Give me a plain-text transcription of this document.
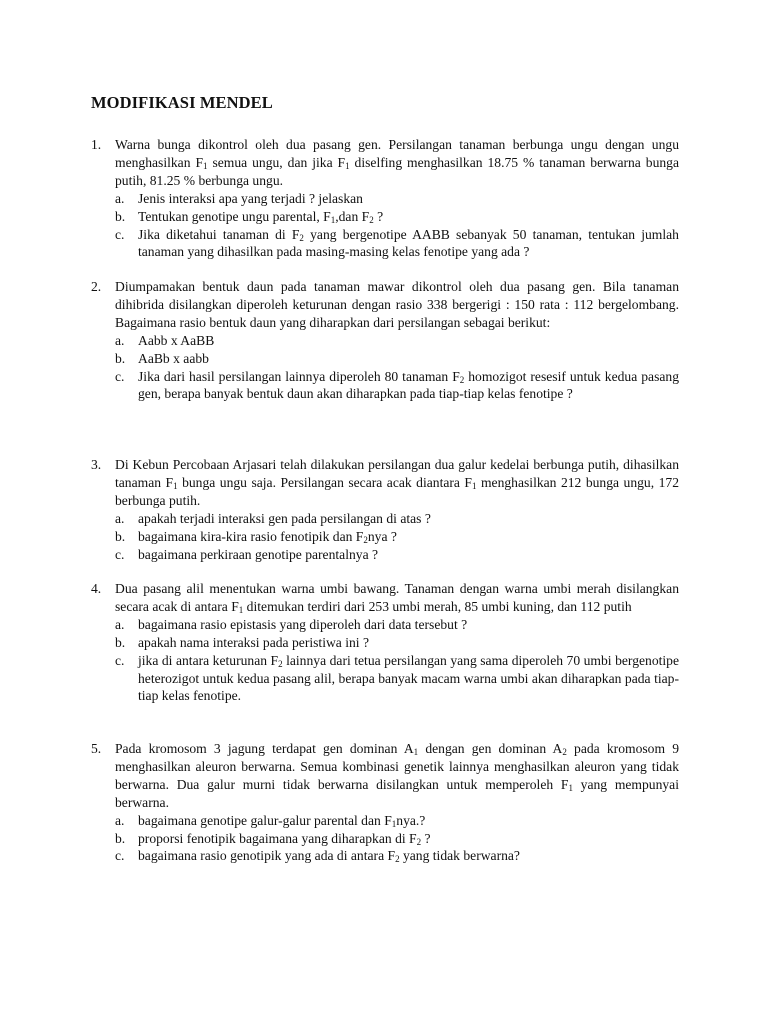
MODIFIKASI MENDEL
1. Warna bunga dikontrol oleh dua pasang gen. Persilangan tanaman berbunga ungu dengan ungu menghasilkan $F_1$ semua ungu, dan jika $F_1$ diselfing menghasilkan 18.75 % tanaman berwarna bunga putih, 81.25 % berbunga ungu.
a. Jenis interaksi apa yang terjadi ? jelaskan
b. Tentukan genotipe ungu parental, $F_1,dan$ $F_2$ ?
c. Jika diketahui tanaman di $F_2$ yang bergenotipe AABB sebanyak 50 tanaman, tentukan jumlah tanaman yang dihasilkan pada masing-masing kelas fenotipe yang ada ?
2. Diumpamakan bentuk daun pada tanaman mawar dikontrol oleh dua pasang gen. Bila tanaman dihibrida disilangkan diperoleh keturunan dengan rasio 338 bergerigi : 150 rata : 112 bergelombang. Bagaimana rasio bentuk daun yang diharapkan dari persilangan sebagai berikut:
a. Aabb x AaBB
b. AaBb x aabb
c. Jika dari hasil persilangan lainnya diperoleh 80 tanaman $F_2$ homozigot resesif untuk kedua pasang gen, berapa banyak bentuk daun akan diharapkan pada tiap-tiap kelas fenotipe ?
3. Di Kebun Percobaan Arjasari telah dilakukan persilangan dua galur kedelai berbunga putih, dihasilkan tanaman $F_1$ bunga ungu saja. Persilangan secara acak diantara $F_1$ menghasilkan 212 bunga ungu, 172 berbunga putih.
a. apakah terjadi interaksi gen pada persilangan di atas ?
b. bagaimana kira-kira rasio fenotipik dan $F_2nya$ ?
c. bagaimana perkiraan genotipe parentalnya ?
4. Dua pasang alil menentukan warna umbi bawang. Tanaman dengan warna umbi merah disilangkan secara acak di antara $F_1$ ditemukan terdiri dari 253 umbi merah, 85 umbi kuning, dan 112 putih
a. bagaimana rasio epistasis yang diperoleh dari data tersebut ?
b. apakah nama interaksi pada peristiwa ini ?
c. jika di antara keturunan $F_2$ lainnya dari tetua persilangan yang sama diperoleh 70 umbi bergenotipe heterozigot untuk kedua pasang alil, berapa banyak macam warna umbi akan diharapkan pada tiap-tiap kelas fenotipe.
5. Pada kromosom 3 jagung terdapat gen dominan $A_1$ dengan gen dominan $A_2$ pada kromosom 9 menghasilkan aleuron berwarna. Semua kombinasi genetik lainnya menghasilkan aleuron yang tidak berwarna. Dua galur murni tidak berwarna disilangkan untuk memperoleh $F_1$ yang mempunyai berwarna.
a. bagaimana genotipe galur-galur parental dan $F_1nya$.?
b. proporsi fenotipik bagaimana yang diharapkan di $F_2$ ?
c. bagaimana rasio genotipik yang ada di antara $F_2$ yang tidak berwarna?
